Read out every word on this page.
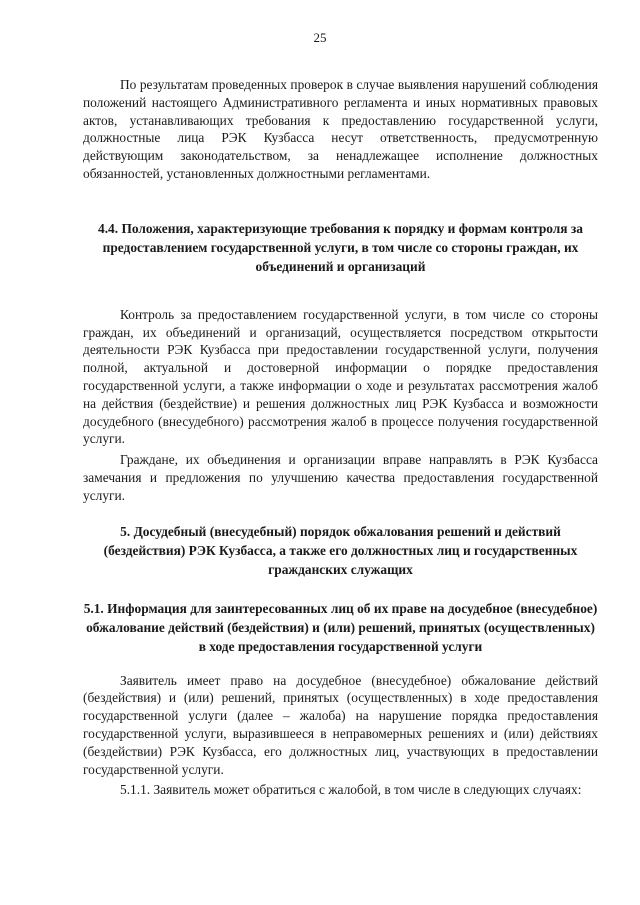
25

По результатам проведенных проверок в случае выявления нарушений соблюдения положений настоящего Административного регламента и иных нормативных правовых актов, устанавливающих требования к предоставлению государственной услуги, должностные лица РЭК Кузбасса несут ответственность, предусмотренную действующим законодательством, за ненадлежащее исполнение должностных обязанностей, установленных должностными регламентами.

4.4. Положения, характеризующие требования к порядку и формам контроля за предоставлением государственной услуги, в том числе со стороны граждан, их объединений и организаций

Контроль за предоставлением государственной услуги, в том числе со стороны граждан, их объединений и организаций, осуществляется посредством открытости деятельности РЭК Кузбасса при предоставлении государственной услуги, получения полной, актуальной и достоверной информации о порядке предоставления государственной услуги, а также информации о ходе и результатах рассмотрения жалоб на действия (бездействие) и решения должностных лиц РЭК Кузбасса и возможности досудебного (внесудебного) рассмотрения жалоб в процессе получения государственной услуги.

Граждане, их объединения и организации вправе направлять в РЭК Кузбасса замечания и предложения по улучшению качества предоставления государственной услуги.

5. Досудебный (внесудебный) порядок обжалования решений и действий (бездействия) РЭК Кузбасса, а также его должностных лиц и государственных гражданских служащих

5.1. Информация для заинтересованных лиц об их праве на досудебное (внесудебное) обжалование действий (бездействия) и (или) решений, принятых (осуществленных) в ходе предоставления государственной услуги

Заявитель имеет право на досудебное (внесудебное) обжалование действий (бездействия) и (или) решений, принятых (осуществленных) в ходе предоставления государственной услуги (далее – жалоба) на нарушение порядка предоставления государственной услуги, выразившееся в неправомерных решениях и (или) действиях (бездействии) РЭК Кузбасса, его должностных лиц, участвующих в предоставлении государственной услуги.

5.1.1. Заявитель может обратиться с жалобой, в том числе в следующих случаях:
